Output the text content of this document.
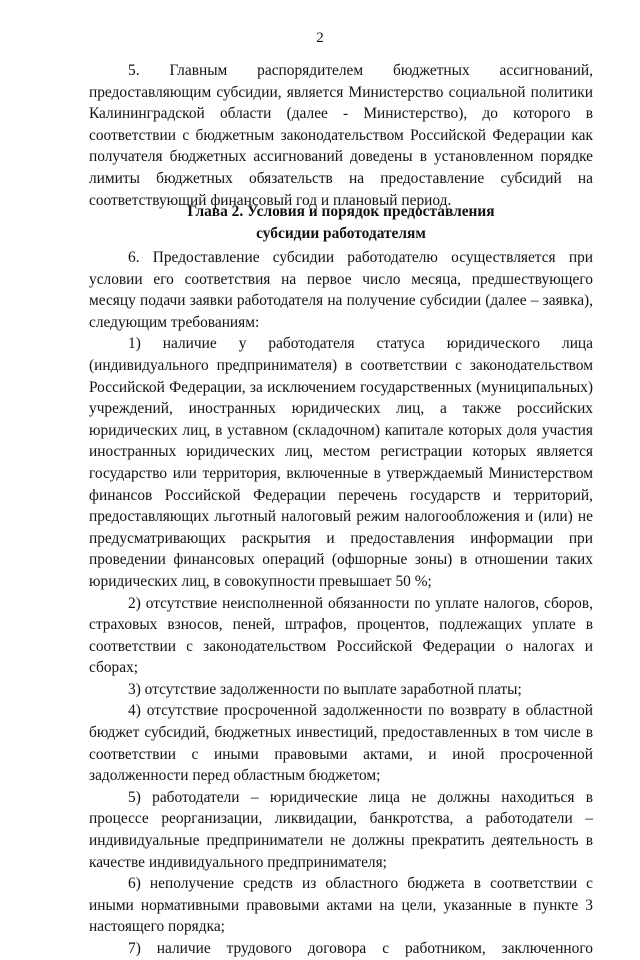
2

5. Главным распорядителем бюджетных ассигнований, предоставляющим субсидии, является Министерство социальной политики Калининградской области (далее - Министерство), до которого в соответствии с бюджетным законодательством Российской Федерации как получателя бюджетных ассигнований доведены в установленном порядке лимиты бюджетных обязательств на предоставление субсидий на соответствующий финансовый год и плановый период.

Глава 2. Условия и порядок предоставления
субсидии работодателям

6. Предоставление субсидии работодателю осуществляется при условии его соответствия на первое число месяца, предшествующего месяцу подачи заявки работодателя на получение субсидии (далее – заявка), следующим требованиям:

1) наличие у работодателя статуса юридического лица (индивидуального предпринимателя) в соответствии с законодательством Российской Федерации, за исключением государственных (муниципальных) учреждений, иностранных юридических лиц, а также российских юридических лиц, в уставном (складочном) капитале которых доля участия иностранных юридических лиц, местом регистрации которых является государство или территория, включенные в утверждаемый Министерством финансов Российской Федерации перечень государств и территорий, предоставляющих льготный налоговый режим налогообложения и (или) не предусматривающих раскрытия и предоставления информации при проведении финансовых операций (офшорные зоны) в отношении таких юридических лиц, в совокупности превышает 50 %;

2) отсутствие неисполненной обязанности по уплате налогов, сборов, страховых взносов, пеней, штрафов, процентов, подлежащих уплате в соответствии с законодательством Российской Федерации о налогах и сборах;

3) отсутствие задолженности по выплате заработной платы;

4) отсутствие просроченной задолженности по возврату в областной бюджет субсидий, бюджетных инвестиций, предоставленных в том числе в соответствии с иными правовыми актами, и иной просроченной задолженности перед областным бюджетом;

5) работодатели – юридические лица не должны находиться в процессе реорганизации, ликвидации, банкротства, а работодатели – индивидуальные предприниматели не должны прекратить деятельность в качестве индивидуального предпринимателя;

6) неполучение средств из областного бюджета в соответствии с иными нормативными правовыми актами на цели, указанные в пункте 3 настоящего порядка;

7) наличие трудового договора с работником, заключенного
